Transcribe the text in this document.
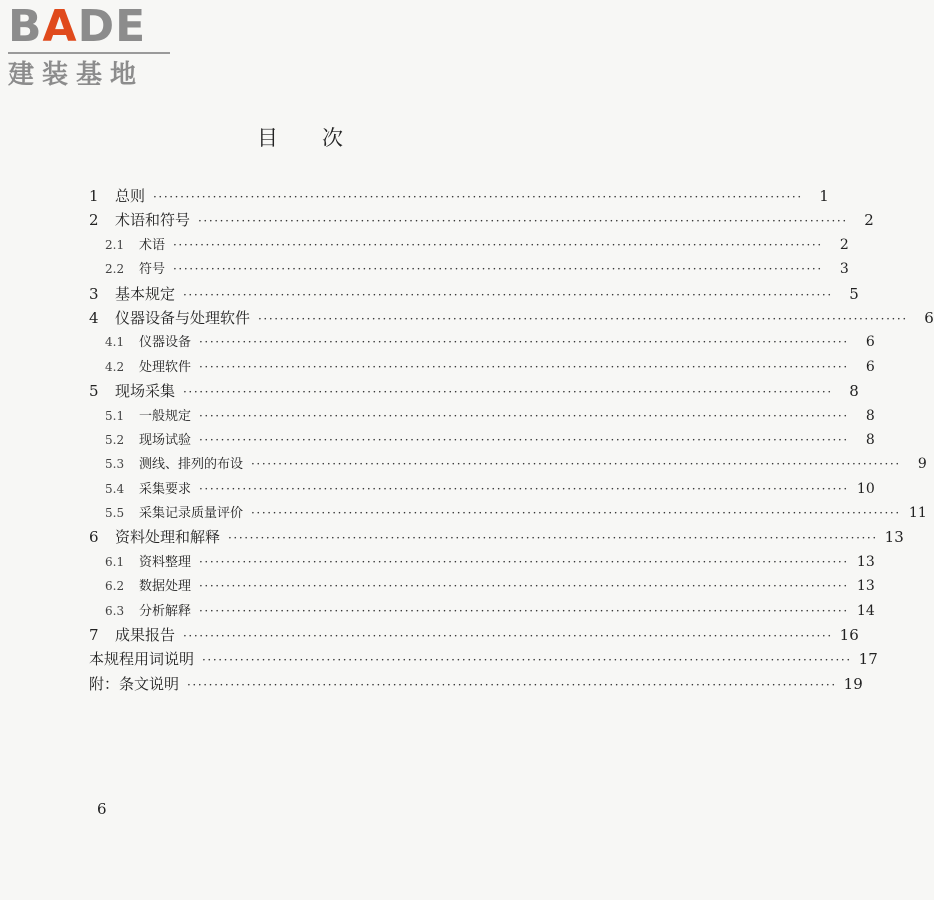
BADE
建装基地
目次
1	总则 ························································································································	1
2	术语和符号 ························································································································	2
2.1	术语 ························································································································	2
2.2	符号 ························································································································	3
3	基本规定 ························································································································	5
4	仪器设备与处理软件 ························································································································	6
4.1	仪器设备 ························································································································	6
4.2	处理软件 ························································································································	6
5	现场采集 ························································································································	8
5.1	一般规定 ························································································································	8
5.2	现场试验 ························································································································	8
5.3	测线、排列的布设 ························································································································	9
5.4	采集要求 ························································································································ 10
5.5	采集记录质量评价 ························································································································ 11
6	资料处理和解释 ························································································································ 13
6.1	资料整理 ························································································································ 13
6.2	数据处理 ························································································································ 13
6.3	分析解释 ························································································································ 14
7	成果报告 ························································································································ 16
本规程用词说明 ························································································································ 17
附：条文说明 ························································································································ 19
6
